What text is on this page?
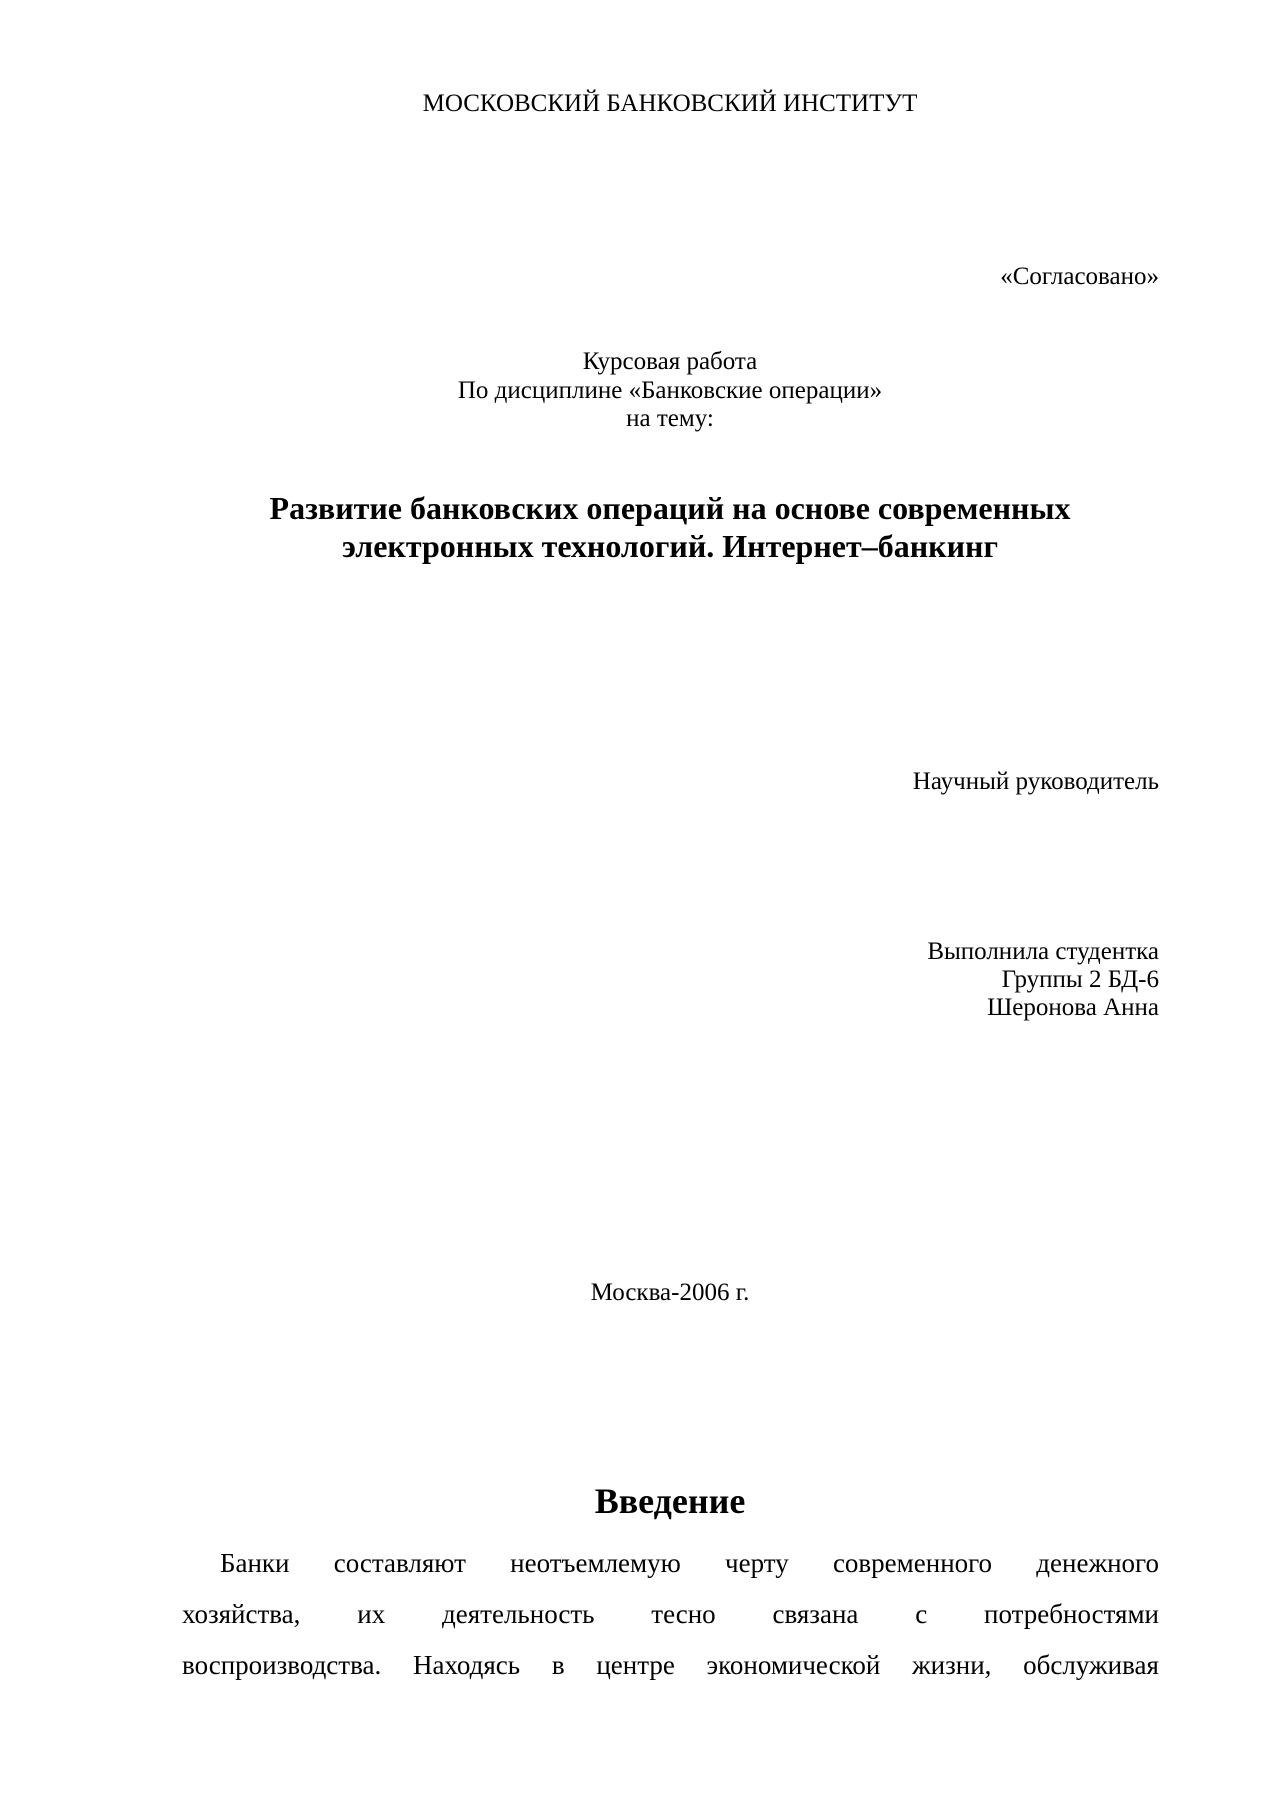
МОСКОВСКИЙ БАНКОВСКИЙ ИНСТИТУТ
«Согласовано»
Курсовая работа
По дисциплине «Банковские операции»
на тему:
Развитие банковских операций на основе современных
электронных технологий. Интернет–банкинг
Научный руководитель
Выполнила студентка
Группы 2 БД-6
Шеронова Анна
Москва-2006 г.
Введение
Банки составляют неотъемлемую черту современного денежного
хозяйства, их деятельность тесно связана с потребностями
воспроизводства. Находясь в центре экономической жизни, обслуживая
